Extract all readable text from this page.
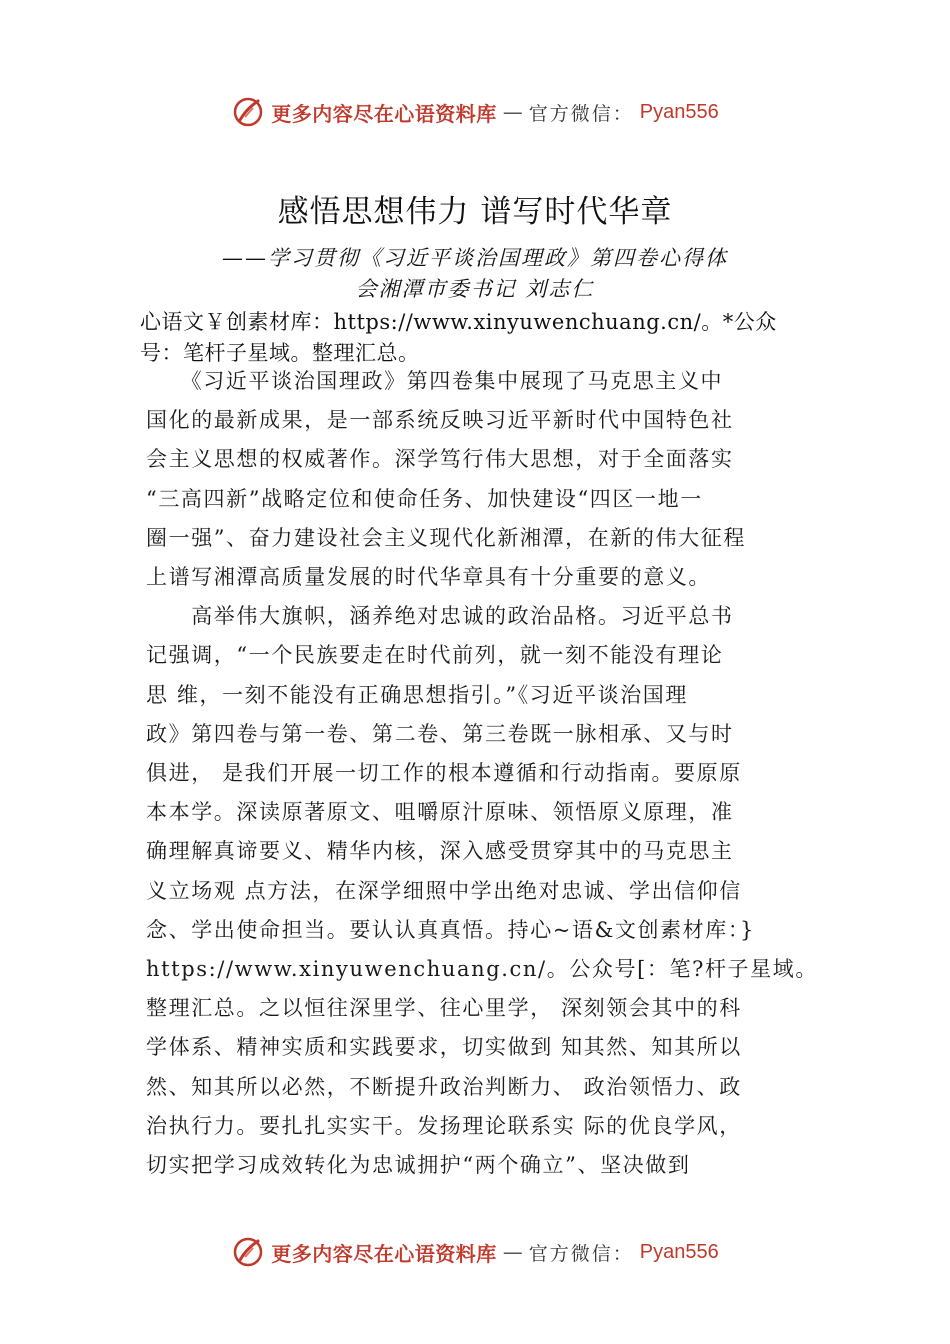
更多内容尽在心语资料库 — 官方微信： Pyan556
感悟思想伟力 谱写时代华章
——学习贯彻《习近平谈治国理政》第四卷心得体
会湘潭市委书记 刘志仁
心语文￥创素材库：https://www.xinyuwenchuang.cn/。*公众
号：笔杆子星域。整理汇总。
　　《习近平谈治国理政》第四卷集中展现了马克思主义中
国化的最新成果，是一部系统反映习近平新时代中国特色社
会主义思想的权威著作。深学笃行伟大思想，对于全面落实
“三高四新”战略定位和使命任务、加快建设“四区一地一
圈一强”、奋力建设社会主义现代化新湘潭，在新的伟大征程
上谱写湘潭高质量发展的时代华章具有十分重要的意义。
　　高举伟大旗帜，涵养绝对忠诚的政治品格。习近平总书
记强调，“一个民族要走在时代前列，就一刻不能没有理论
思 维，一刻不能没有正确思想指引。”《习近平谈治国理
政》第四卷与第一卷、第二卷、第三卷既一脉相承、又与时
俱进， 是我们开展一切工作的根本遵循和行动指南。要原原
本本学。深读原著原文、咀嚼原汁原味、领悟原义原理，准
确理解真谛要义、精华内核，深入感受贯穿其中的马克思主
义立场观 点方法，在深学细照中学出绝对忠诚、学出信仰信
念、学出使命担当。要认认真真悟。持心~语&文创素材库：}
https://www.xinyuwenchuang.cn/。公众号[：笔?杆子星域。
整理汇总。之以恒往深里学、往心里学， 深刻领会其中的科
学体系、精神实质和实践要求，切实做到 知其然、知其所以
然、知其所以必然，不断提升政治判断力、 政治领悟力、政
治执行力。要扎扎实实干。发扬理论联系实 际的优良学风，
切实把学习成效转化为忠诚拥护“两个确立”、坚决做到
更多内容尽在心语资料库 — 官方微信： Pyan556
